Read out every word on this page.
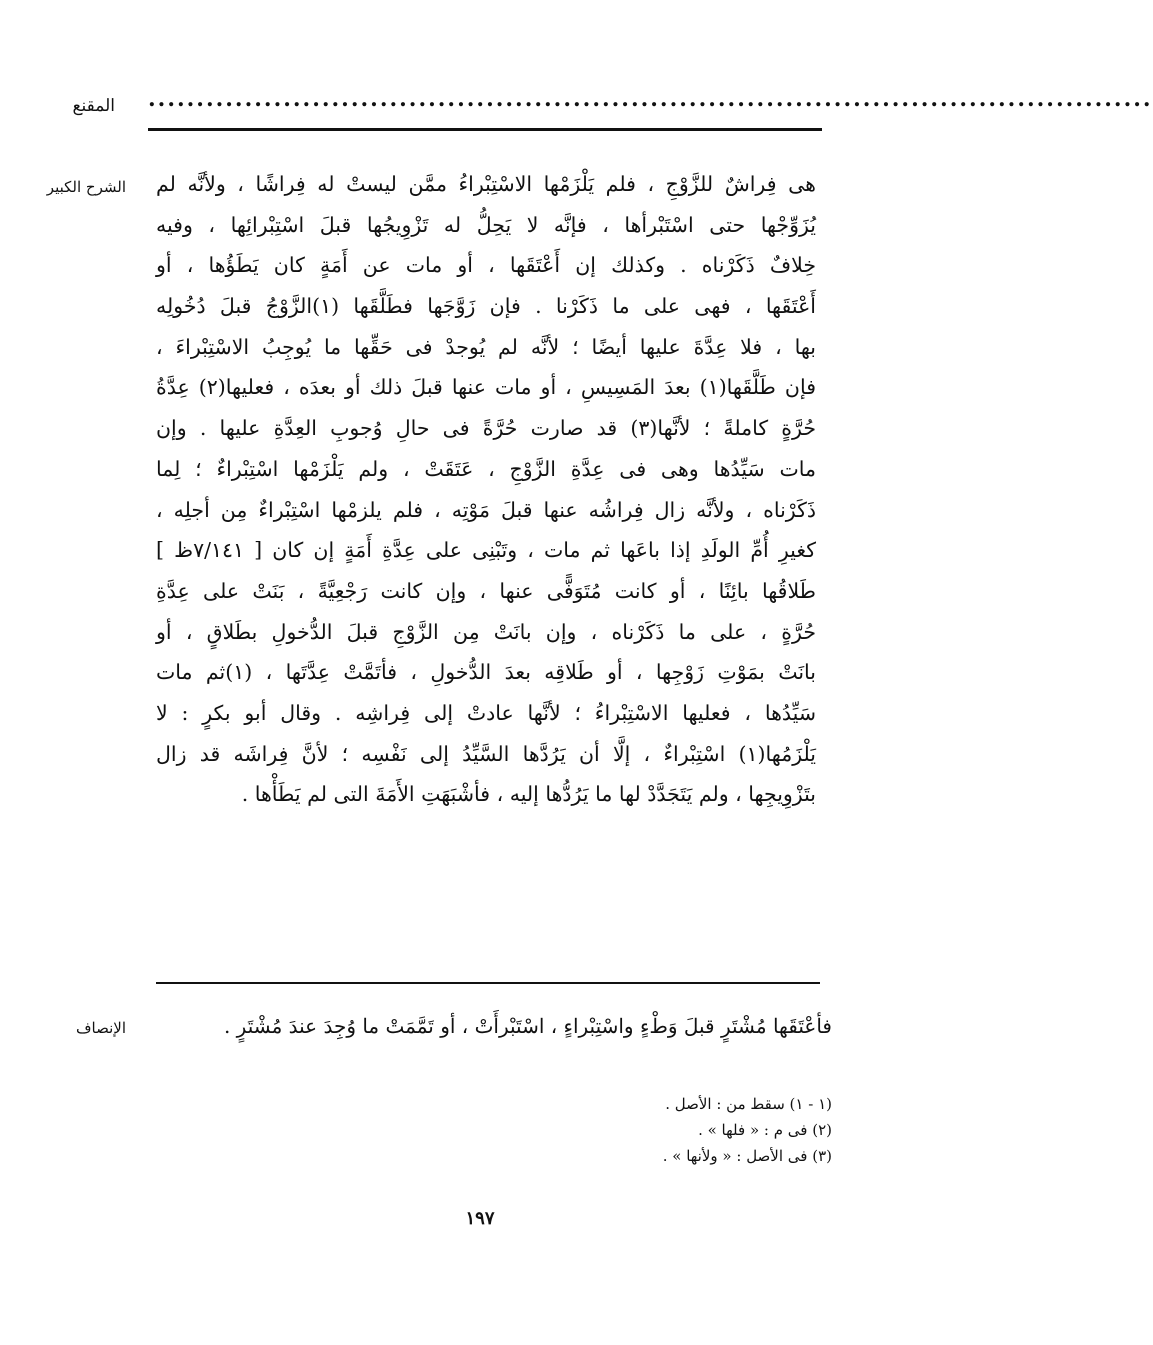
المقنع ........................................................................................................
الشرح الكبير هى فِراشٌ للزَّوْجِ ، فلم يَلْزَمْها الاسْتِبْراءُ ممَّن ليستْ له فِراشًا ، ولأنَّه لم
يُزَوِّجْها حتى اسْتَبْرأها ، فإنَّه لا يَحِلُّ له تَزْوِيجُها قبلَ اسْتِبْرائِها ، وفيه
خِلافٌ ذَكَرْناه . وكذلك إن أَعْتَقَها ، أو مات عن أَمَةٍ كان يَطَؤُها ، أو
أَعْتَقَها ، فهى على ما ذَكَرْنا . فإن زَوَّجَها فطَلَّقَها (١)الزَّوْجُ قبلَ دُخُولِه
بها ، فلا عِدَّةَ عليها أيضًا ؛ لأنَّه لم يُوجدْ فى حَقِّها ما يُوجِبُ الاسْتِبْراءَ ،
فإن طَلَّقَها(١) بعدَ المَسِيسِ ، أو مات عنها قبلَ ذلك أو بعدَه ، فعليها(٢) عِدَّةُ
حُرَّةٍ كاملةً ؛ لأنَّها(٣) قد صارت حُرَّةً فى حالِ وُجوبِ العِدَّةِ عليها . وإن
مات سَيِّدُها وهى فى عِدَّةِ الزَّوْجِ ، عَتَقَتْ ، ولم يَلْزَمْها اسْتِبْراءٌ ؛ لِما
ذَكَرْناه ، ولأنَّه زال فِراشُه عنها قبلَ مَوْتِه ، فلم يلزمْها اسْتِبْراءٌ مِن أجلِه ،
كغيرِ أُمِّ الولَدِ إذا باعَها ثم مات ، وتَبْنِى على عِدَّةِ أَمَةٍ إن كان [ ٧/١٤١ظ ]
طَلاقُها بائِنًا ، أو كانت مُتَوَفًّى عنها ، وإن كانت رَجْعِيَّةً ، بَنَتْ على عِدَّةِ
حُرَّةٍ ، على ما ذَكَرْناه ، وإن بانَتْ مِن الزَّوْجِ قبلَ الدُّخولِ بطَلاقٍ ، أو
بانَتْ بمَوْتِ زَوْجِها ، أو طَلاقِه بعدَ الدُّخولِ ، فأتَمَّتْ عِدَّتَها ، (١)ثم مات
سَيِّدُها ، فعليها الاسْتِبْراءُ ؛ لأنَّها عادتْ إلى فِراشِه . وقال أبو بكرٍ : لا
يَلْزَمُها(١) اسْتِبْراءٌ ، إلَّا أن يَرُدَّها السَّيِّدُ إلى نَفْسِه ؛ لأنَّ فِراشَه قد زال
بتَزْوِيجِها ، ولم يَتَجَدَّدْ لها ما يَرُدُّها إليه ، فأشْبَهَتِ الأَمَةَ التى لم يَطَأْها .
الإنصاف	فأعْتَقَها مُشْتَرٍ قبلَ وَطْءٍ واسْتِبْراءٍ ، اسْتَبْرأَتْ ، أو تَمَّمَتْ ما وُجِدَ عندَ مُشْتَرٍ .
(١ - ١) سقط من : الأصل .
(٢) فى م : « فلها » .
(٣) فى الأصل : « ولأنها » .
١٩٧
